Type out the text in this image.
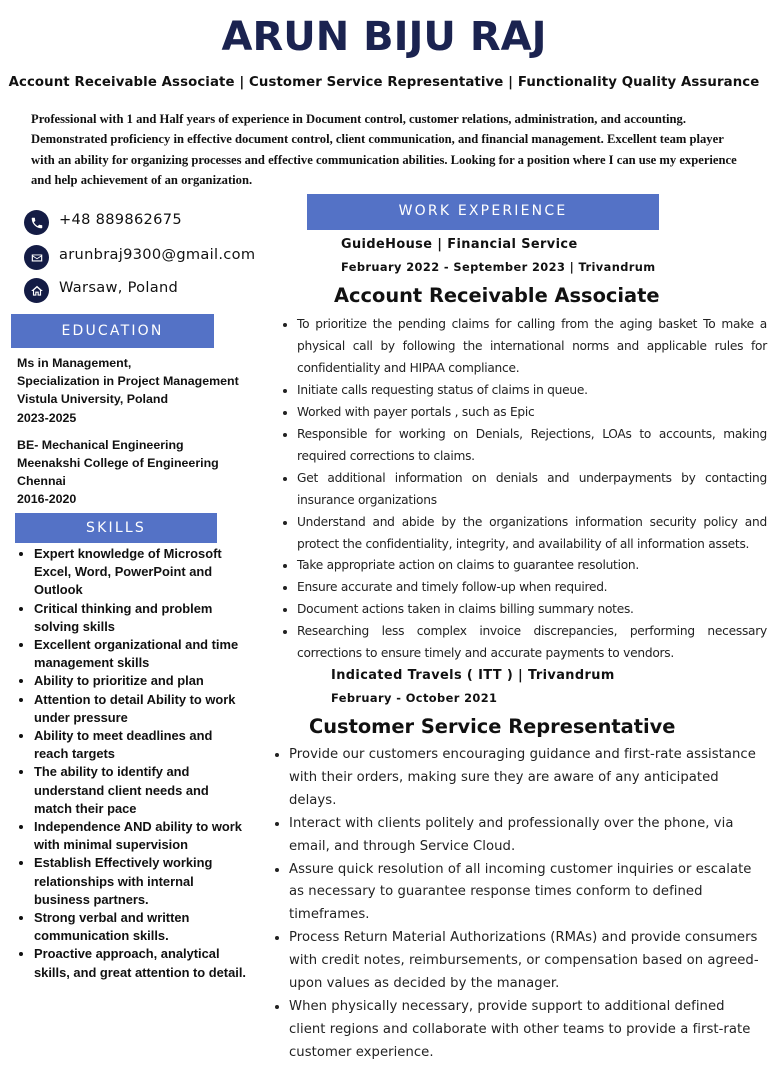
ARUN BIJU RAJ
Account Receivable Associate | Customer Service Representative | Functionality Quality Assurance
Professional with 1 and Half years of experience in Document control, customer relations, administration, and accounting. Demonstrated proficiency in effective document control, client communication, and financial management. Excellent team player with an ability for organizing processes and effective communication abilities. Looking for a position where I can use my experience and help achievement of an organization.
+48 889862675
arunbraj9300@gmail.com
Warsaw, Poland
EDUCATION
Ms in Management,
Specialization in Project Management
Vistula University, Poland
2023-2025
BE- Mechanical Engineering
Meenakshi College of Engineering
Chennai
2016-2020
SKILLS
• Expert knowledge of Microsoft Excel, Word, PowerPoint and Outlook
• Critical thinking and problem solving skills
• Excellent organizational and time management skills
• Ability to prioritize and plan
• Attention to detail Ability to work under pressure
• Ability to meet deadlines and reach targets
• The ability to identify and understand client needs and match their pace
• Independence AND ability to work with minimal supervision
• Establish Effectively working relationships with internal business partners.
• Strong verbal and written communication skills.
• Proactive approach, analytical skills, and great attention to detail.
WORK EXPERIENCE
GuideHouse | Financial Service
February 2022 - September 2023 | Trivandrum
Account Receivable Associate
• To prioritize the pending claims for calling from the aging basket To make a physical call by following the international norms and applicable rules for confidentiality and HIPAA compliance.
• Initiate calls requesting status of claims in queue.
• Worked with payer portals , such as Epic
• Responsible for working on Denials, Rejections, LOAs to accounts, making required corrections to claims.
• Get additional information on denials and underpayments by contacting insurance organizations
• Understand and abide by the organizations information security policy and protect the confidentiality, integrity, and availability of all information assets.
• Take appropriate action on claims to guarantee resolution.
• Ensure accurate and timely follow-up when required.
• Document actions taken in claims billing summary notes.
• Researching less complex invoice discrepancies, performing necessary corrections to ensure timely and accurate payments to vendors.
Indicated Travels ( ITT ) | Trivandrum
February - October 2021
Customer Service Representative
• Provide our customers encouraging guidance and first-rate assistance with their orders, making sure they are aware of any anticipated delays.
• Interact with clients politely and professionally over the phone, via email, and through Service Cloud.
• Assure quick resolution of all incoming customer inquiries or escalate as necessary to guarantee response times conform to defined timeframes.
• Process Return Material Authorizations (RMAs) and provide consumers with credit notes, reimbursements, or compensation based on agreed-upon values as decided by the manager.
• When physically necessary, provide support to additional defined client regions and collaborate with other teams to provide a first-rate customer experience.
